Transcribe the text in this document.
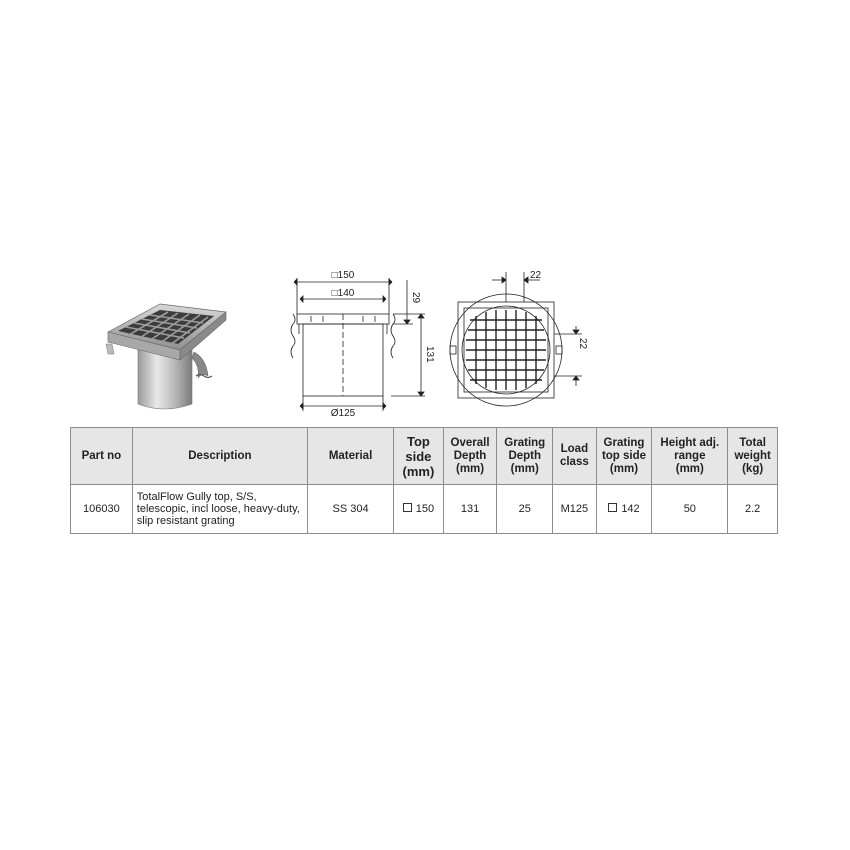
□150
□140	29
131
Ø125
22
22
Part no	Description	Material	Top
side
(mm)	Overall
Depth
(mm)	Grating
Depth
(mm)	Load
class	Grating
top side
(mm)	Height adj.
range
(mm)	Total
weight
(kg)
106030	TotalFlow Gully top, S/S,
telescopic, incl loose, heavy-duty,
slip resistant grating	SS 304	150	131	25	M125	142	50	2.2
